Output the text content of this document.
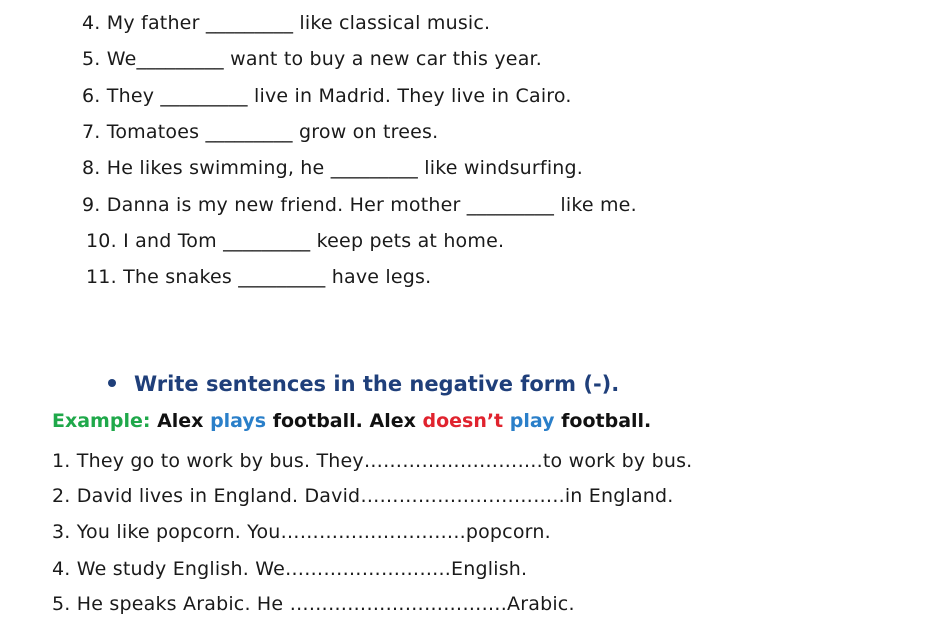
4. My father _________ like classical music.
5. We_________ want to buy a new car this year.
6. They _________ live in Madrid. They live in Cairo.
7. Tomatoes _________ grow on trees.
8. He likes swimming, he _________ like windsurfing.
9. Danna is my new friend. Her mother _________ like me.
10. I and Tom _________ keep pets at home.
11. The snakes _________ have legs.
Write sentences in the negative form (-).
Example: Alex plays football. Alex doesn’t play football.
1. They go to work by bus. They……………………….to work by bus.
2. David lives in England. David…………………………..in England.
3. You like popcorn. You………………………..popcorn.
4. We study English. We……………………..English.
5. He speaks Arabic. He …………………………….Arabic.
